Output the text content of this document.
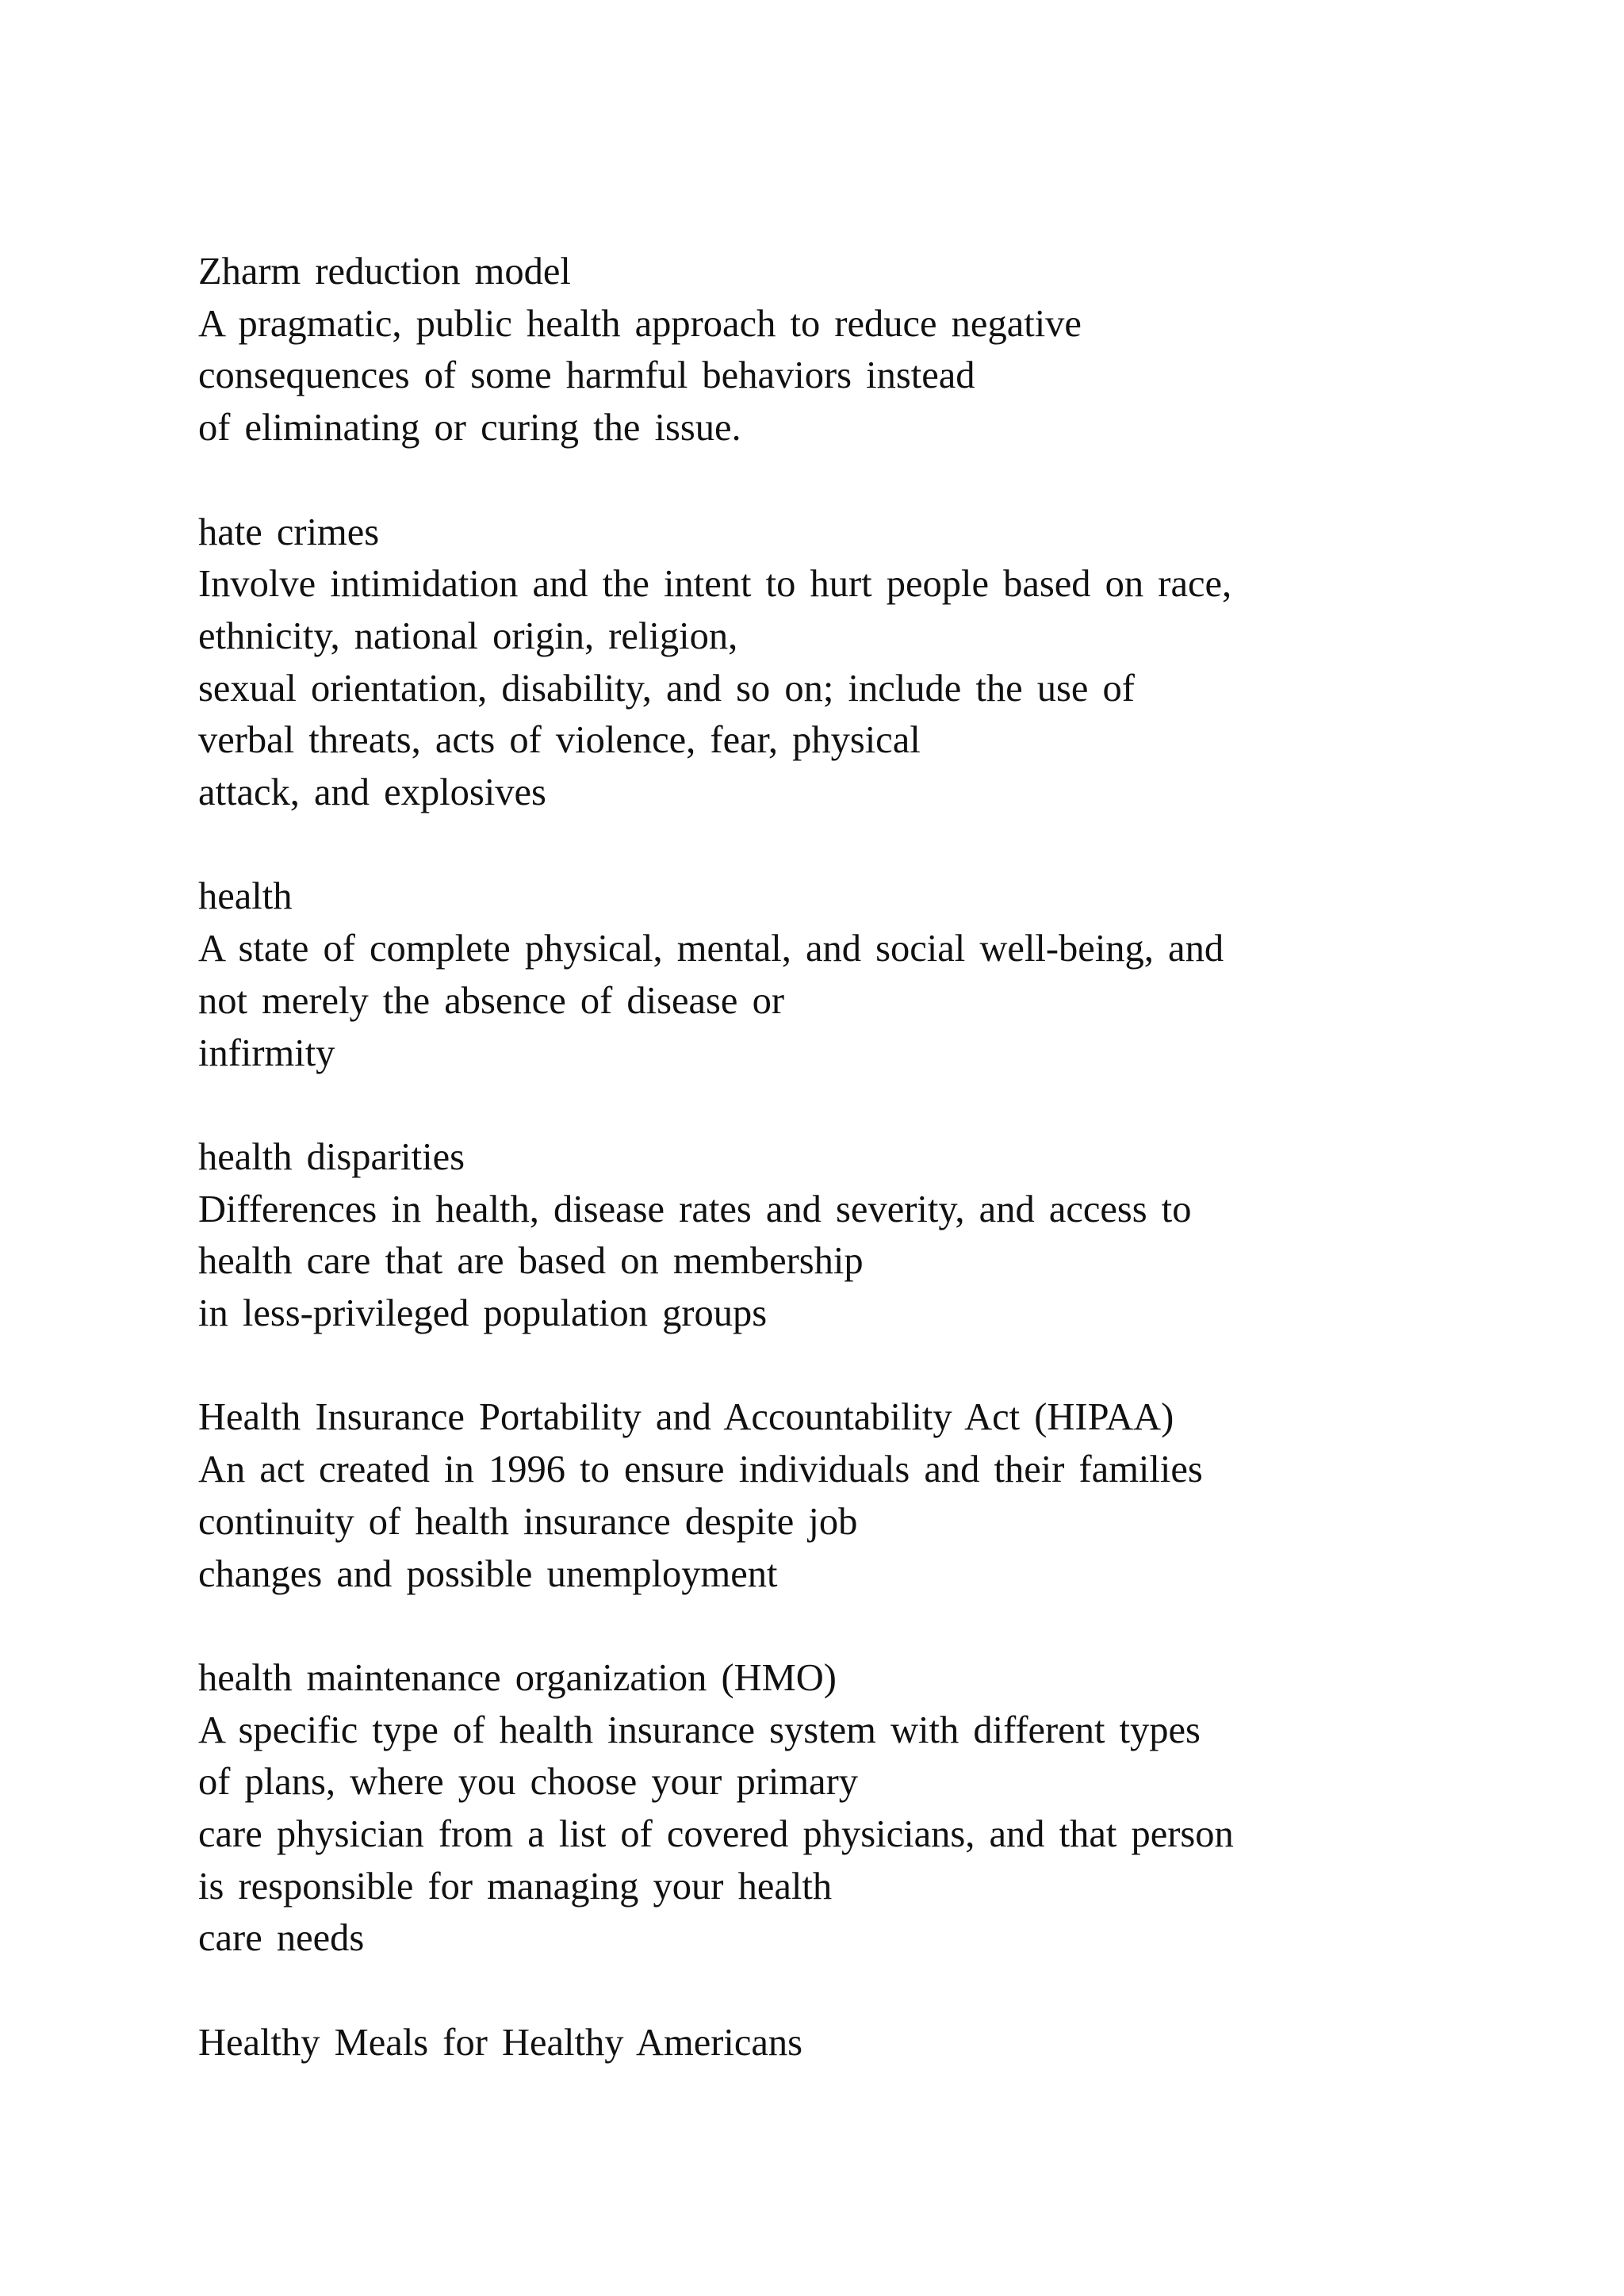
Zharm reduction model
A pragmatic, public health approach to reduce negative
consequences of some harmful behaviors instead
of eliminating or curing the issue.
hate crimes
Involve intimidation and the intent to hurt people based on race,
ethnicity, national origin, religion,
sexual orientation, disability, and so on; include the use of
verbal threats, acts of violence, fear, physical
attack, and explosives
health
A state of complete physical, mental, and social well-being, and
not merely the absence of disease or
infirmity
health disparities
Differences in health, disease rates and severity, and access to
health care that are based on membership
in less-privileged population groups
Health Insurance Portability and Accountability Act (HIPAA)
An act created in 1996 to ensure individuals and their families
continuity of health insurance despite job
changes and possible unemployment
health maintenance organization (HMO)
A specific type of health insurance system with different types
of plans, where you choose your primary
care physician from a list of covered physicians, and that person
is responsible for managing your health
care needs
Healthy Meals for Healthy Americans
